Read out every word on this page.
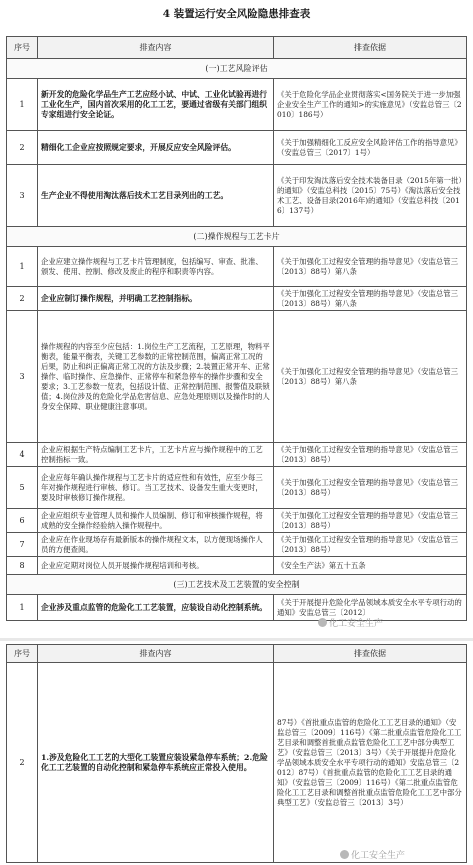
4 装置运行安全风险隐患排查表
序号	排查内容	排查依据
(一)工艺风险评估		
1	新开发的危险化学品生产工艺应经小试、中试、工业化试验再进行工业化生产，国内首次采用的化工工艺，要通过省级有关部门组织专家组进行安全论证。	《关于危险化学品企业贯彻落实<国务院关于进一步加强企业安全生产工作的通知>的实施意见》（安监总管三〔2010〕186号）
2	精细化工企业应按照规定要求，开展反应安全风险评估。	《关于加强精细化工反应安全风险评估工作的指导意见》（安监总管三〔2017〕1号）
3	生产企业不得使用淘汰落后技术工艺目录列出的工艺。	《关于印发淘汰落后安全技术装备目录（2015年第一批）的通知》（安监总科技〔2015〕75号）《淘汰落后安全技术工艺、设备目录(2016年)的通知》（安监总科技〔2016〕137号）
(二)操作规程与工艺卡片		
1	企业应建立操作规程与工艺卡片管理制度，包括编写、审查、批准、颁发、使用、控制、修改及废止的程序和职责等内容。	《关于加强化工过程安全管理的指导意见》（安监总管三〔2013〕88号）第八条
2	企业应制订操作规程，并明确工艺控制指标。	《关于加强化工过程安全管理的指导意见》（安监总管三〔2013〕88号）第八条
3	操作规程的内容至少应包括：1.岗位生产工艺流程，工艺原理，物料平衡表，能量平衡表，关键工艺参数的正常控制范围，偏离正常工况的后果，防止和纠正偏离正常工况的方法及步骤；2.装置正常开车、正常操作、临时操作、应急操作、正常停车和紧急停车的操作步骤和安全要求；3.工艺参数一览表，包括设计值、正常控制范围、报警值及联锁值；4.岗位涉及的危险化学品危害信息、应急处理原则以及操作时的人身安全保障、职业健康注意事项。	《关于加强化工过程安全管理的指导意见》（安监总管三〔2013〕88号）第八条
4	企业应根据生产特点编制工艺卡片，工艺卡片应与操作规程中的工艺控制指标一致。	《关于加强化工过程安全管理的指导意见》（安监总管三〔2013〕88号）
5	企业应每年确认操作规程与工艺卡片的适应性和有效性，应至少每三年对操作规程进行审核、修订。当工艺技术、设备发生重大变更时，要及时审核修订操作规程。	《关于加强化工过程安全管理的指导意见》（安监总管三〔2013〕88号）
6	企业应组织专业管理人员和操作人员编制、修订和审核操作规程，将成熟的安全操作经验纳入操作规程中。	《关于加强化工过程安全管理的指导意见》（安监总管三〔2013〕88号）
7	企业应在作业现场存有最新版本的操作规程文本，以方便现场操作人员的方便查阅。	《关于加强化工过程安全管理的指导意见》（安监总管三〔2013〕88号）
8	企业应定期对岗位人员开展操作规程培训和考核。	《安全生产法》第五十五条
(三)工艺技术及工艺装置的安全控制		
1	企业涉及重点监管的危险化工工艺装置，应装设自动化控制系统。	《关于开展提升危险化学品领域本质安全水平专项行动的通知》安监总管三〔2012〕
化工安全生产
序号	排查内容	排查依据
2	1.涉及危险化工工艺的大型化工装置应装设紧急停车系统；2.危险化工工艺装置的自动化控制和紧急停车系统应正常投入使用。	87号）《首批重点监管的危险化工工艺目录的通知》（安监总管三〔2009〕116号）《第二批重点监管危险化工工艺目录和调整首批重点监管危险化工工艺中部分典型工艺》（安监总管三〔2013〕3号）《关于开展提升危险化学品领域本质安全水平专项行动的通知》安监总管三〔2012〕87号）《首批重点监管的危险化工工艺目录的通知》（安监总管三〔2009〕116号）《第二批重点监管危险化工工艺目录和调整首批重点监管危险化工工艺中部分典型工艺》（安监总管三〔2013〕3号）
化工安全生产
